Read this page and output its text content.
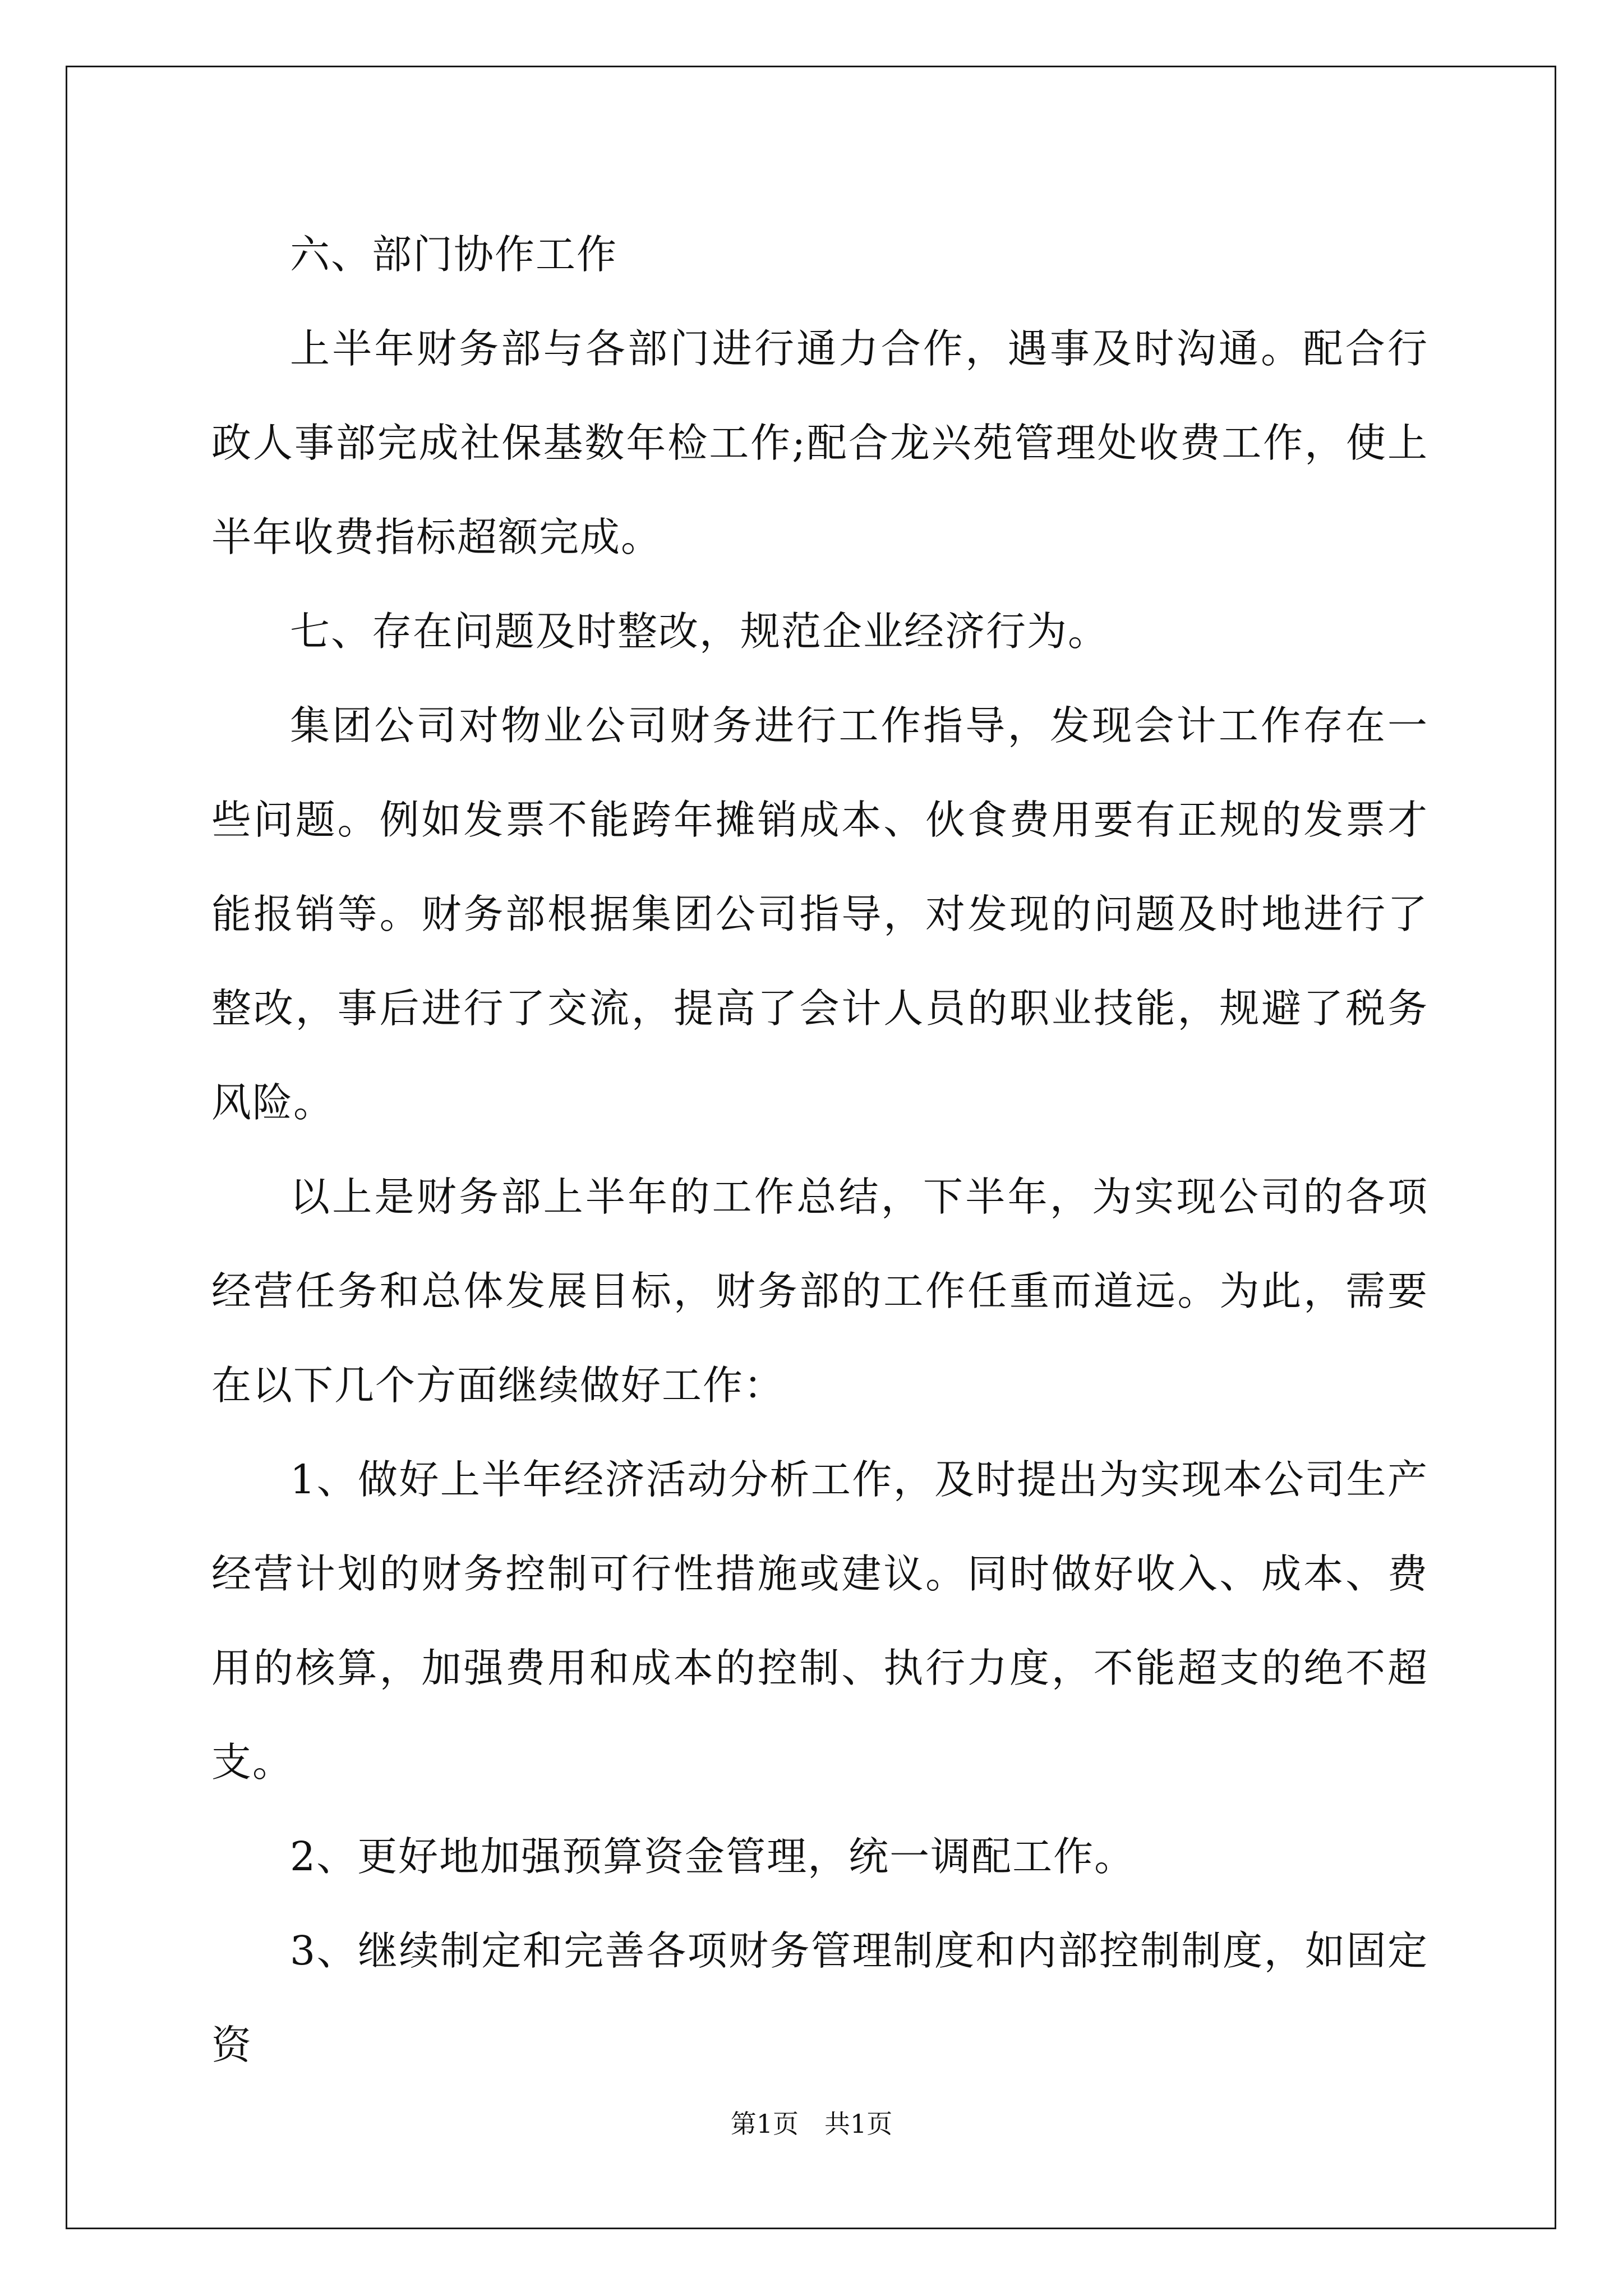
六、部门协作工作

上半年财务部与各部门进行通力合作，遇事及时沟通。配合行政人事部完成社保基数年检工作;配合龙兴苑管理处收费工作，使上半年收费指标超额完成。

七、存在问题及时整改，规范企业经济行为。

集团公司对物业公司财务进行工作指导，发现会计工作存在一些问题。例如发票不能跨年摊销成本、伙食费用要有正规的发票才能报销等。财务部根据集团公司指导，对发现的问题及时地进行了整改，事后进行了交流，提高了会计人员的职业技能，规避了税务风险。

以上是财务部上半年的工作总结，下半年，为实现公司的各项经营任务和总体发展目标，财务部的工作任重而道远。为此，需要在以下几个方面继续做好工作：

1、做好上半年经济活动分析工作，及时提出为实现本公司生产经营计划的财务控制可行性措施或建议。同时做好收入、成本、费用的核算，加强费用和成本的控制、执行力度，不能超支的绝不超支。

2、更好地加强预算资金管理，统一调配工作。

3、继续制定和完善各项财务管理制度和内部控制制度，如固定资

第1页　共1页
